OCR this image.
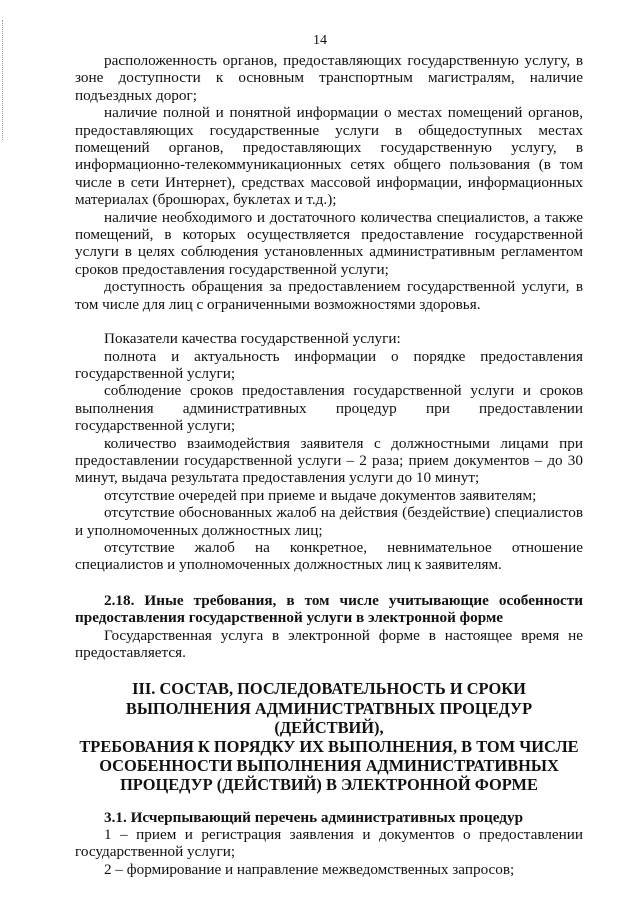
14

расположенность органов, предоставляющих государственную услугу, в зоне доступности к основным транспортным магистралям, наличие подъездных дорог;

наличие полной и понятной информации о местах помещений органов, предоставляющих государственные услуги в общедоступных местах помещений органов, предоставляющих государственную услугу, в информационно-телекоммуникационных сетях общего пользования (в том числе в сети Интернет), средствах массовой информации, информационных материалах (брошюрах, буклетах и т.д.);

наличие необходимого и достаточного количества специалистов, а также помещений, в которых осуществляется предоставление государственной услуги в целях соблюдения установленных административным регламентом сроков предоставления государственной услуги;

доступность обращения за предоставлением государственной услуги, в том числе для лиц с ограниченными возможностями здоровья.

Показатели качества государственной услуги:

полнота и актуальность информации о порядке предоставления государственной услуги;

соблюдение сроков предоставления государственной услуги и сроков выполнения административных процедур при предоставлении государственной услуги;

количество взаимодействия заявителя с должностными лицами при предоставлении государственной услуги – 2 раза; прием документов – до 30 минут, выдача результата предоставления услуги до 10 минут;

отсутствие очередей при приеме и выдаче документов заявителям;

отсутствие обоснованных жалоб на действия (бездействие) специалистов и уполномоченных должностных лиц;

отсутствие жалоб на конкретное, невнимательное отношение специалистов и уполномоченных должностных лиц к заявителям.

2.18. Иные требования, в том числе учитывающие особенности предоставления государственной услуги в электронной форме

Государственная услуга в электронной форме в настоящее время не предоставляется.

III. СОСТАВ, ПОСЛЕДОВАТЕЛЬНОСТЬ И СРОКИ

ВЫПОЛНЕНИЯ АДМИНИСТРАТВНЫХ ПРОЦЕДУР (ДЕЙСТВИЙ),

ТРЕБОВАНИЯ К ПОРЯДКУ ИХ ВЫПОЛНЕНИЯ, В ТОМ ЧИСЛЕ

ОСОБЕННОСТИ ВЫПОЛНЕНИЯ АДМИНИСТРАТИВНЫХ

ПРОЦЕДУР (ДЕЙСТВИЙ) В ЭЛЕКТРОННОЙ ФОРМЕ

3.1. Исчерпывающий перечень административных процедур

1 – прием и регистрация заявления и документов о предоставлении государственной услуги;

2 – формирование и направление межведомственных запросов;
